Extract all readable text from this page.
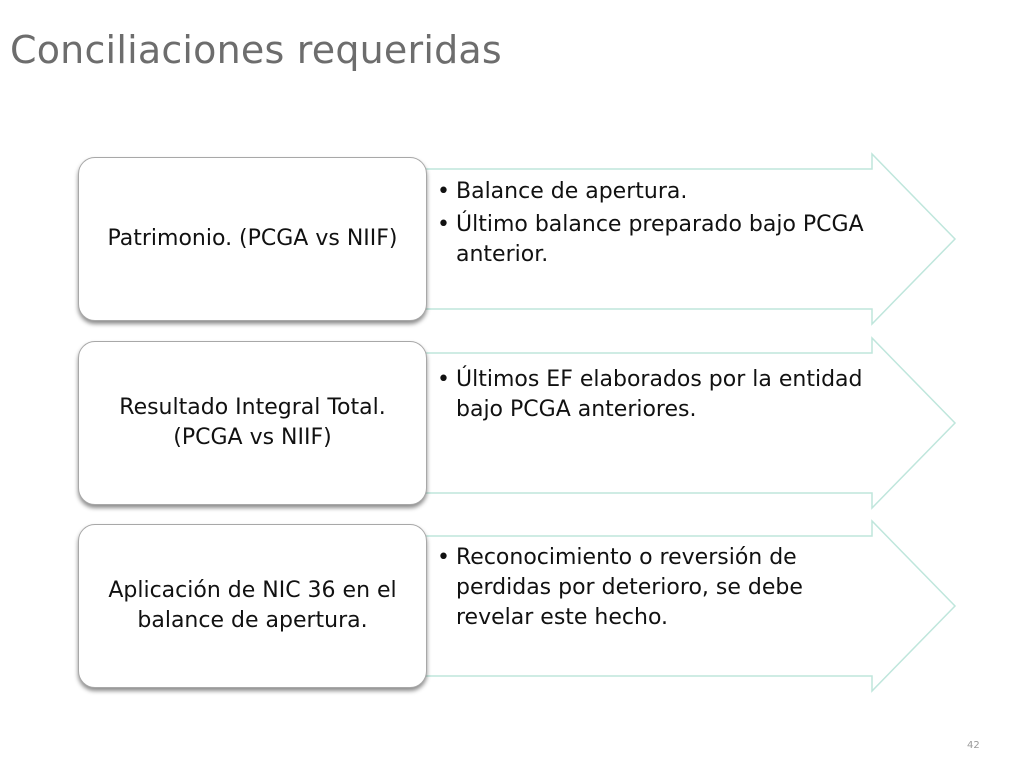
Conciliaciones requeridas
Patrimonio. (PCGA vs NIIF)
• Balance de apertura.
• Último balance preparado bajo PCGA anterior.
Resultado Integral Total. (PCGA vs NIIF)
• Últimos EF elaborados por la entidad bajo PCGA anteriores.
Aplicación de NIC 36 en el balance de apertura.
• Reconocimiento o reversión de perdidas por deterioro, se debe revelar este hecho.
42
